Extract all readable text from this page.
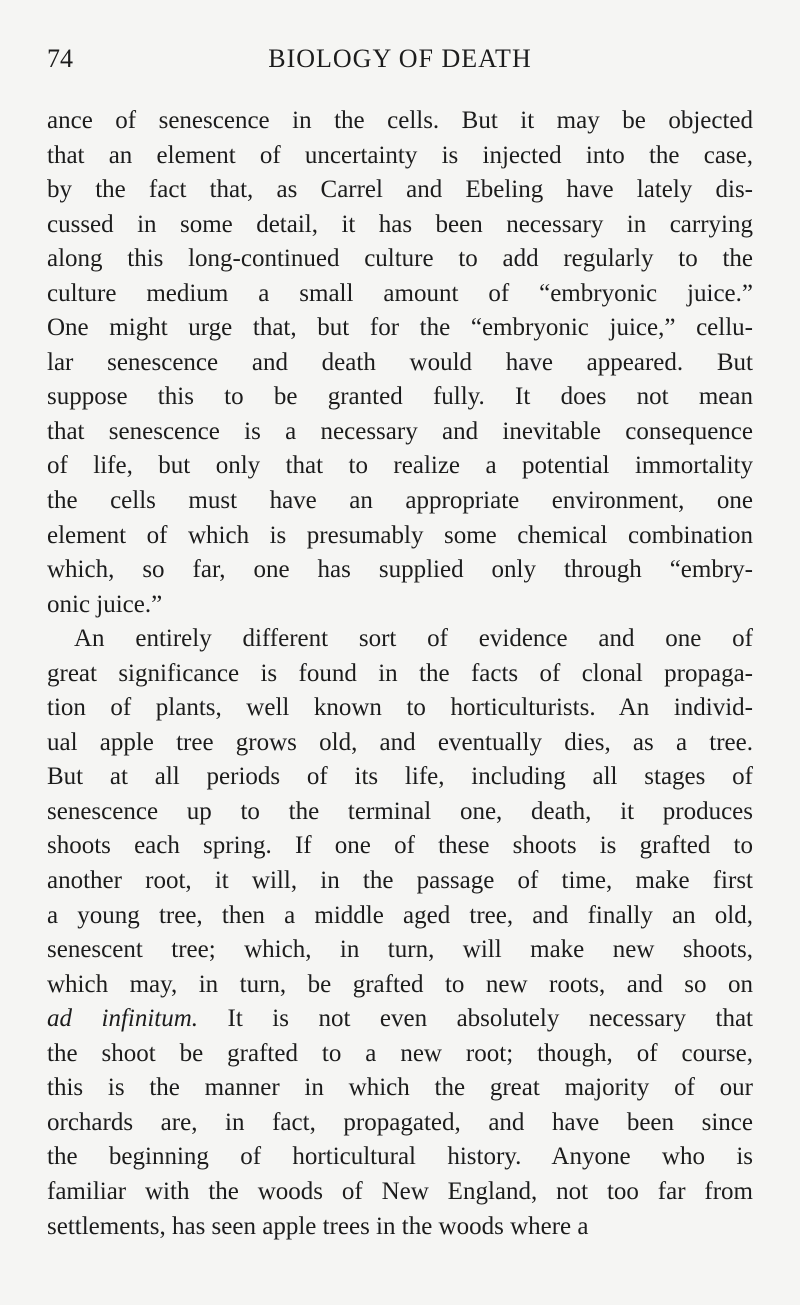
74	BIOLOGY OF DEATH
ance of senescence in the cells. But it may be objected
that an element of uncertainty is injected into the case,
by the fact that, as Carrel and Ebeling have lately dis-
cussed in some detail, it has been necessary in carrying
along this long-continued culture to add regularly to the
culture medium a small amount of “embryonic juice.”
One might urge that, but for the “embryonic juice,” cellu-
lar senescence and death would have appeared. But
suppose this to be granted fully. It does not mean
that senescence is a necessary and inevitable consequence
of life, but only that to realize a potential immortality
the cells must have an appropriate environment, one
element of which is presumably some chemical combination
which, so far, one has supplied only through “embry-
onic juice.”
An entirely different sort of evidence and one of
great significance is found in the facts of clonal propaga-
tion of plants, well known to horticulturists. An individ-
ual apple tree grows old, and eventually dies, as a tree.
But at all periods of its life, including all stages of
senescence up to the terminal one, death, it produces
shoots each spring. If one of these shoots is grafted to
another root, it will, in the passage of time, make first
a young tree, then a middle aged tree, and finally an old,
senescent tree; which, in turn, will make new shoots,
which may, in turn, be grafted to new roots, and so on
ad infinitum. It is not even absolutely necessary that
the shoot be grafted to a new root; though, of course,
this is the manner in which the great majority of our
orchards are, in fact, propagated, and have been since
the beginning of horticultural history. Anyone who is
familiar with the woods of New England, not too far from
settlements, has seen apple trees in the woods where a
